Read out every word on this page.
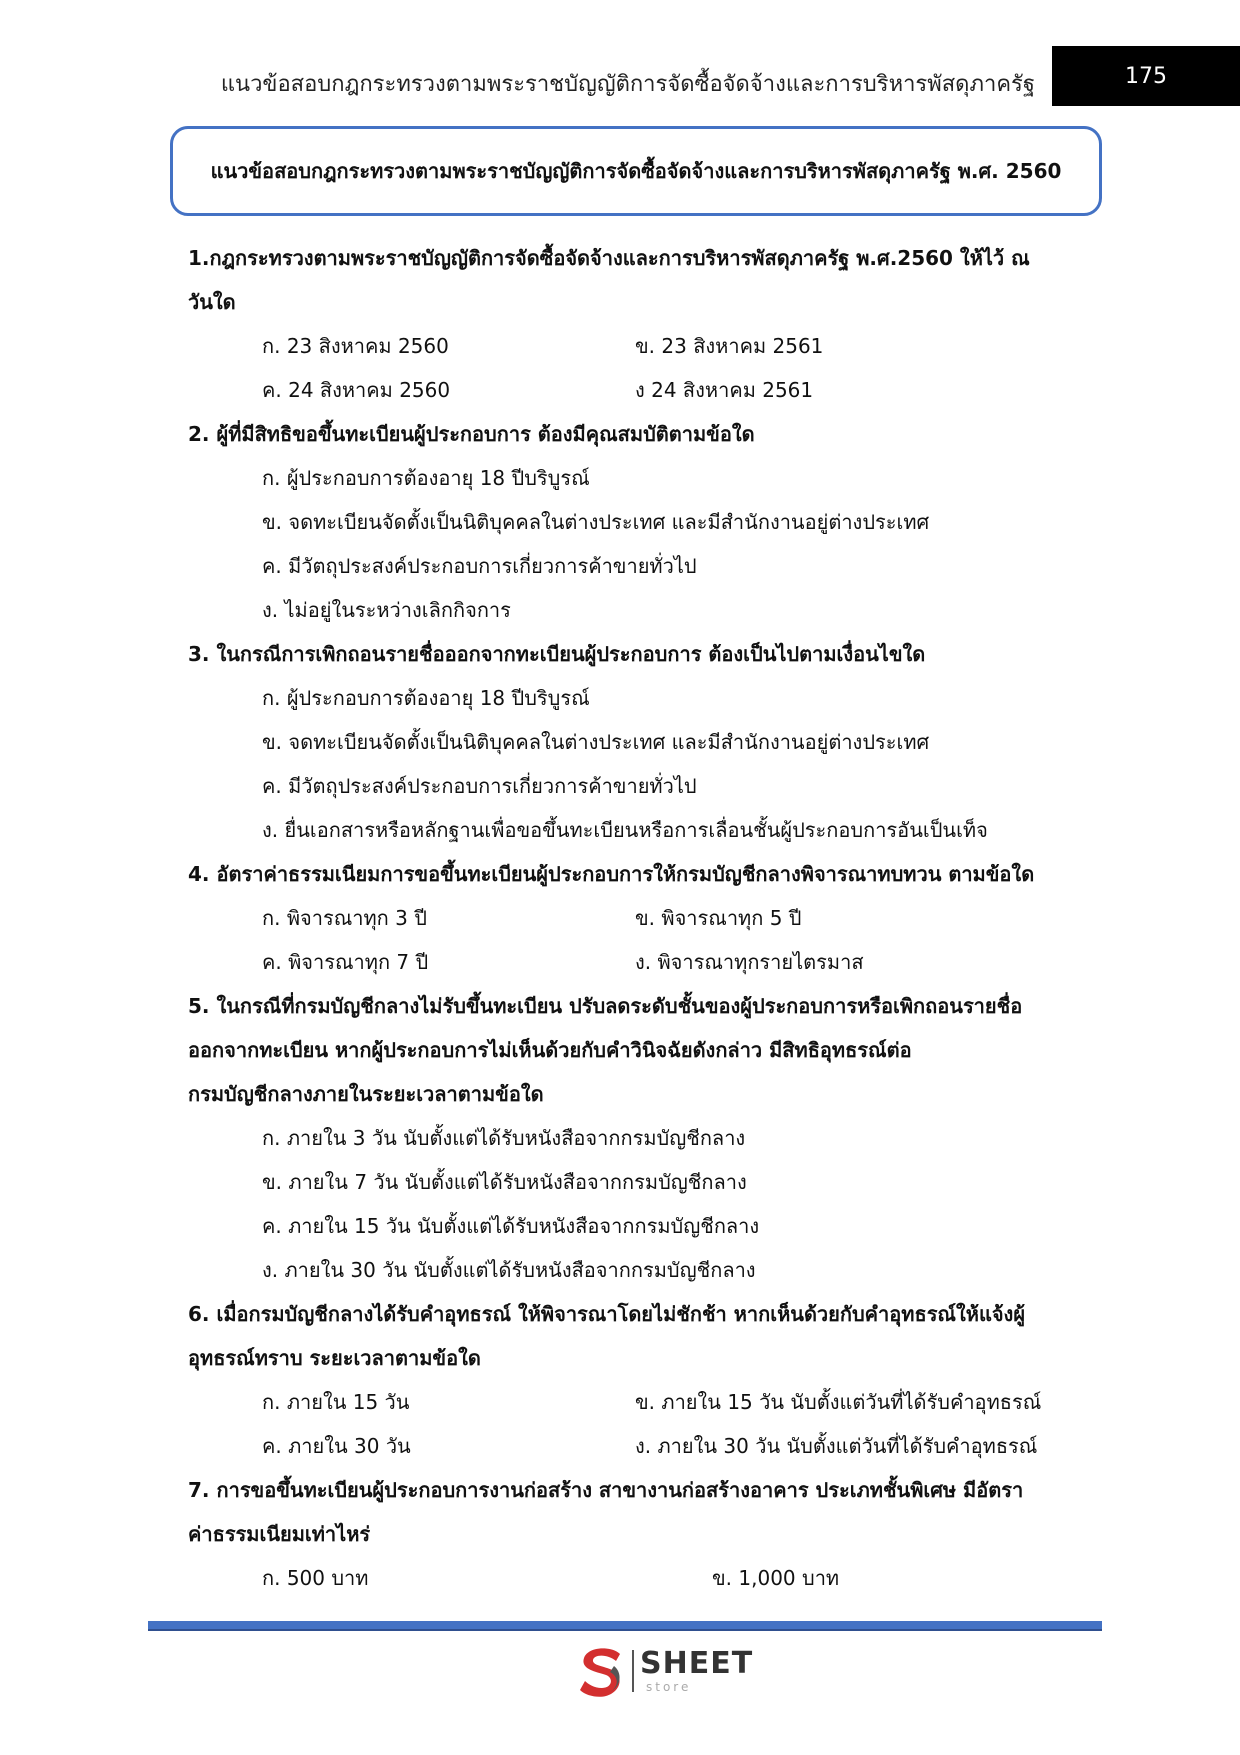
แนวข้อสอบกฎกระทรวงตามพระราชบัญญัติการจัดซื้อจัดจ้างและการบริหารพัสดุภาครัฐ	175
แนวข้อสอบกฎกระทรวงตามพระราชบัญญัติการจัดซื้อจัดจ้างและการบริหารพัสดุภาครัฐ พ.ศ. 2560
1.กฎกระทรวงตามพระราชบัญญัติการจัดซื้อจัดจ้างและการบริหารพัสดุภาครัฐ พ.ศ.2560 ให้ไว้ ณ
วันใด
ก. 23 สิงหาคม 2560	ข. 23 สิงหาคม 2561
ค. 24 สิงหาคม 2560	ง 24 สิงหาคม 2561
2. ผู้ที่มีสิทธิขอขึ้นทะเบียนผู้ประกอบการ ต้องมีคุณสมบัติตามข้อใด
ก. ผู้ประกอบการต้องอายุ 18 ปีบริบูรณ์
ข. จดทะเบียนจัดตั้งเป็นนิติบุคคลในต่างประเทศ และมีสำนักงานอยู่ต่างประเทศ
ค. มีวัตถุประสงค์ประกอบการเกี่ยวการค้าขายทั่วไป
ง. ไม่อยู่ในระหว่างเลิกกิจการ
3. ในกรณีการเพิกถอนรายชื่อออกจากทะเบียนผู้ประกอบการ ต้องเป็นไปตามเงื่อนไขใด
ก. ผู้ประกอบการต้องอายุ 18 ปีบริบูรณ์
ข. จดทะเบียนจัดตั้งเป็นนิติบุคคลในต่างประเทศ และมีสำนักงานอยู่ต่างประเทศ
ค. มีวัตถุประสงค์ประกอบการเกี่ยวการค้าขายทั่วไป
ง. ยื่นเอกสารหรือหลักฐานเพื่อขอขึ้นทะเบียนหรือการเลื่อนชั้นผู้ประกอบการอันเป็นเท็จ
4. อัตราค่าธรรมเนียมการขอขึ้นทะเบียนผู้ประกอบการให้กรมบัญชีกลางพิจารณาทบทวน ตามข้อใด
ก. พิจารณาทุก 3 ปี	ข. พิจารณาทุก 5 ปี
ค. พิจารณาทุก 7 ปี	ง. พิจารณาทุกรายไตรมาส
5. ในกรณีที่กรมบัญชีกลางไม่รับขึ้นทะเบียน ปรับลดระดับชั้นของผู้ประกอบการหรือเพิกถอนรายชื่อ
ออกจากทะเบียน หากผู้ประกอบการไม่เห็นด้วยกับคำวินิจฉัยดังกล่าว มีสิทธิอุทธรณ์ต่อ
กรมบัญชีกลางภายในระยะเวลาตามข้อใด
ก. ภายใน 3 วัน นับตั้งแต่ได้รับหนังสือจากกรมบัญชีกลาง
ข. ภายใน 7 วัน นับตั้งแต่ได้รับหนังสือจากกรมบัญชีกลาง
ค. ภายใน 15 วัน นับตั้งแต่ได้รับหนังสือจากกรมบัญชีกลาง
ง. ภายใน 30 วัน นับตั้งแต่ได้รับหนังสือจากกรมบัญชีกลาง
6. เมื่อกรมบัญชีกลางได้รับคำอุทธรณ์ ให้พิจารณาโดยไม่ชักช้า หากเห็นด้วยกับคำอุทธรณ์ให้แจ้งผู้
อุทธรณ์ทราบ ระยะเวลาตามข้อใด
ก. ภายใน 15 วัน	ข. ภายใน 15 วัน นับตั้งแต่วันที่ได้รับคำอุทธรณ์
ค. ภายใน 30 วัน	ง. ภายใน 30 วัน นับตั้งแต่วันที่ได้รับคำอุทธรณ์
7. การขอขึ้นทะเบียนผู้ประกอบการงานก่อสร้าง สาขางานก่อสร้างอาคาร ประเภทชั้นพิเศษ มีอัตรา
ค่าธรรมเนียมเท่าไหร่
ก. 500 บาท	ข. 1,000 บาท
SHEET
store
